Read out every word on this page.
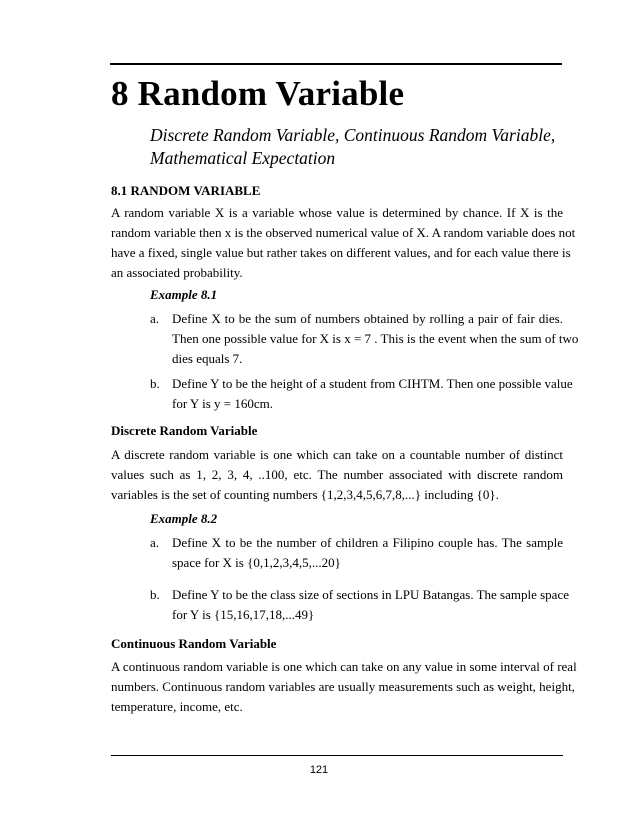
8 Random Variable
Discrete Random Variable, Continuous Random Variable,
Mathematical Expectation
8.1 RANDOM VARIABLE
A random variable X is a variable whose value is determined by chance. If X is the
random variable then x is the observed numerical value of X. A random variable does not
have a fixed, single value but rather takes on different values, and for each value there is
an associated probability.
Example 8.1
a. Define X to be the sum of numbers obtained by rolling a pair of fair dies.
Then one possible value for X is x = 7 . This is the event when the sum of two
dies equals 7.
b. Define Y to be the height of a student from CIHTM. Then one possible value
for Y is y = 160cm.
Discrete Random Variable
A discrete random variable is one which can take on a countable number of distinct
values such as 1, 2, 3, 4, ..100, etc. The number associated with discrete random
variables is the set of counting numbers {1,2,3,4,5,6,7,8,...} including {0}.
Example 8.2
a. Define X to be the number of children a Filipino couple has. The sample
space for X is {0,1,2,3,4,5,...20}
b. Define Y to be the class size of sections in LPU Batangas. The sample space
for Y is {15,16,17,18,...49}
Continuous Random Variable
A continuous random variable is one which can take on any value in some interval of real
numbers. Continuous random variables are usually measurements such as weight, height,
temperature, income, etc.
121
